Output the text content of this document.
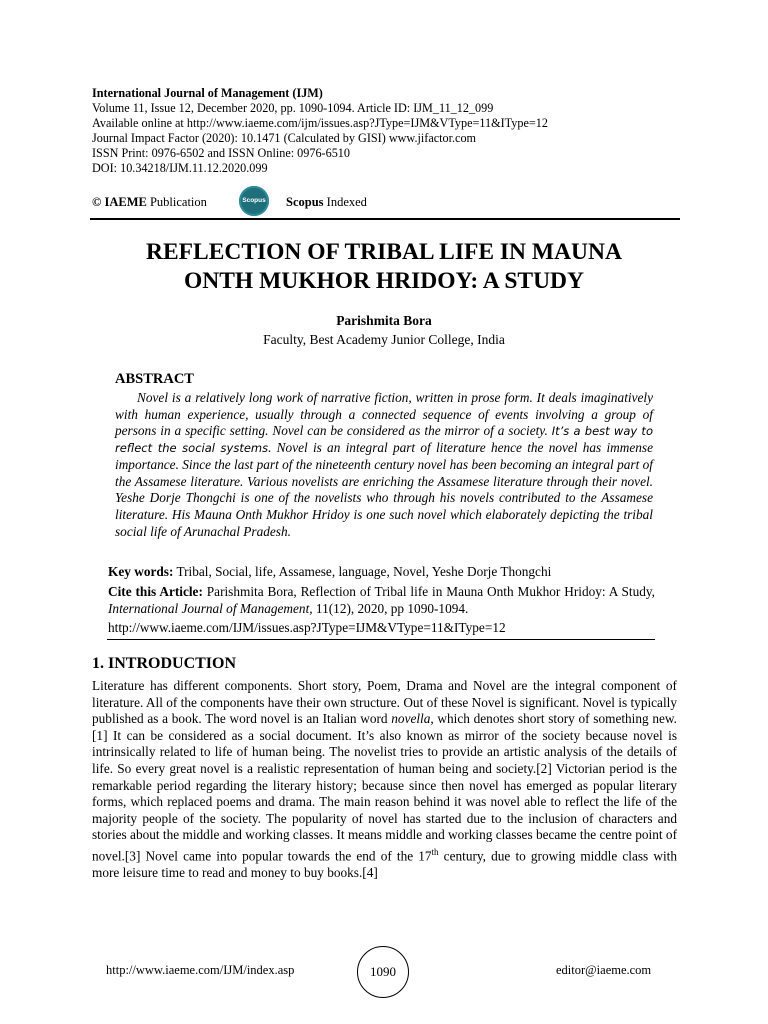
International Journal of Management (IJM)
Volume 11, Issue 12, December 2020, pp. 1090-1094. Article ID: IJM_11_12_099
Available online at http://www.iaeme.com/ijm/issues.asp?JType=IJM&VType=11&IType=12
Journal Impact Factor (2020): 10.1471 (Calculated by GISI) www.jifactor.com
ISSN Print: 0976-6502 and ISSN Online: 0976-6510
DOI: 10.34218/IJM.11.12.2020.099
© IAEME Publication	Scopus Scopus Indexed
REFLECTION OF TRIBAL LIFE IN MAUNA
ONTH MUKHOR HRIDOY: A STUDY
Parishmita Bora
Faculty, Best Academy Junior College, India
ABSTRACT
Novel is a relatively long work of narrative fiction, written in prose form. It deals imaginatively with human experience, usually through a connected sequence of events involving a group of persons in a specific setting. Novel can be considered as the mirror of a society. It’s a best way to reflect the social systems. Novel is an integral part of literature hence the novel has immense importance. Since the last part of the nineteenth century novel has been becoming an integral part of the Assamese literature. Various novelists are enriching the Assamese literature through their novel. Yeshe Dorje Thongchi is one of the novelists who through his novels contributed to the Assamese literature. His Mauna Onth Mukhor Hridoy is one such novel which elaborately depicting the tribal social life of Arunachal Pradesh.
Key words: Tribal, Social, life, Assamese, language, Novel, Yeshe Dorje Thongchi
Cite this Article: Parishmita Bora, Reflection of Tribal life in Mauna Onth Mukhor Hridoy: A Study, International Journal of Management, 11(12), 2020, pp 1090-1094.
http://www.iaeme.com/IJM/issues.asp?JType=IJM&VType=11&IType=12
1. INTRODUCTION
Literature has different components. Short story, Poem, Drama and Novel are the integral component of literature. All of the components have their own structure. Out of these Novel is significant. Novel is typically published as a book. The word novel is an Italian word novella, which denotes short story of something new.[1] It can be considered as a social document. It’s also known as mirror of the society because novel is intrinsically related to life of human being. The novelist tries to provide an artistic analysis of the details of life. So every great novel is a realistic representation of human being and society.[2] Victorian period is the remarkable period regarding the literary history; because since then novel has emerged as popular literary forms, which replaced poems and drama. The main reason behind it was novel able to reflect the life of the majority people of the society. The popularity of novel has started due to the inclusion of characters and stories about the middle and working classes. It means middle and working classes became the centre point of novel.[3] Novel came into popular towards the end of the 17th century, due to growing middle class with more leisure time to read and money to buy books.[4]
http://www.iaeme.com/IJM/index.asp	1090	editor@iaeme.com
